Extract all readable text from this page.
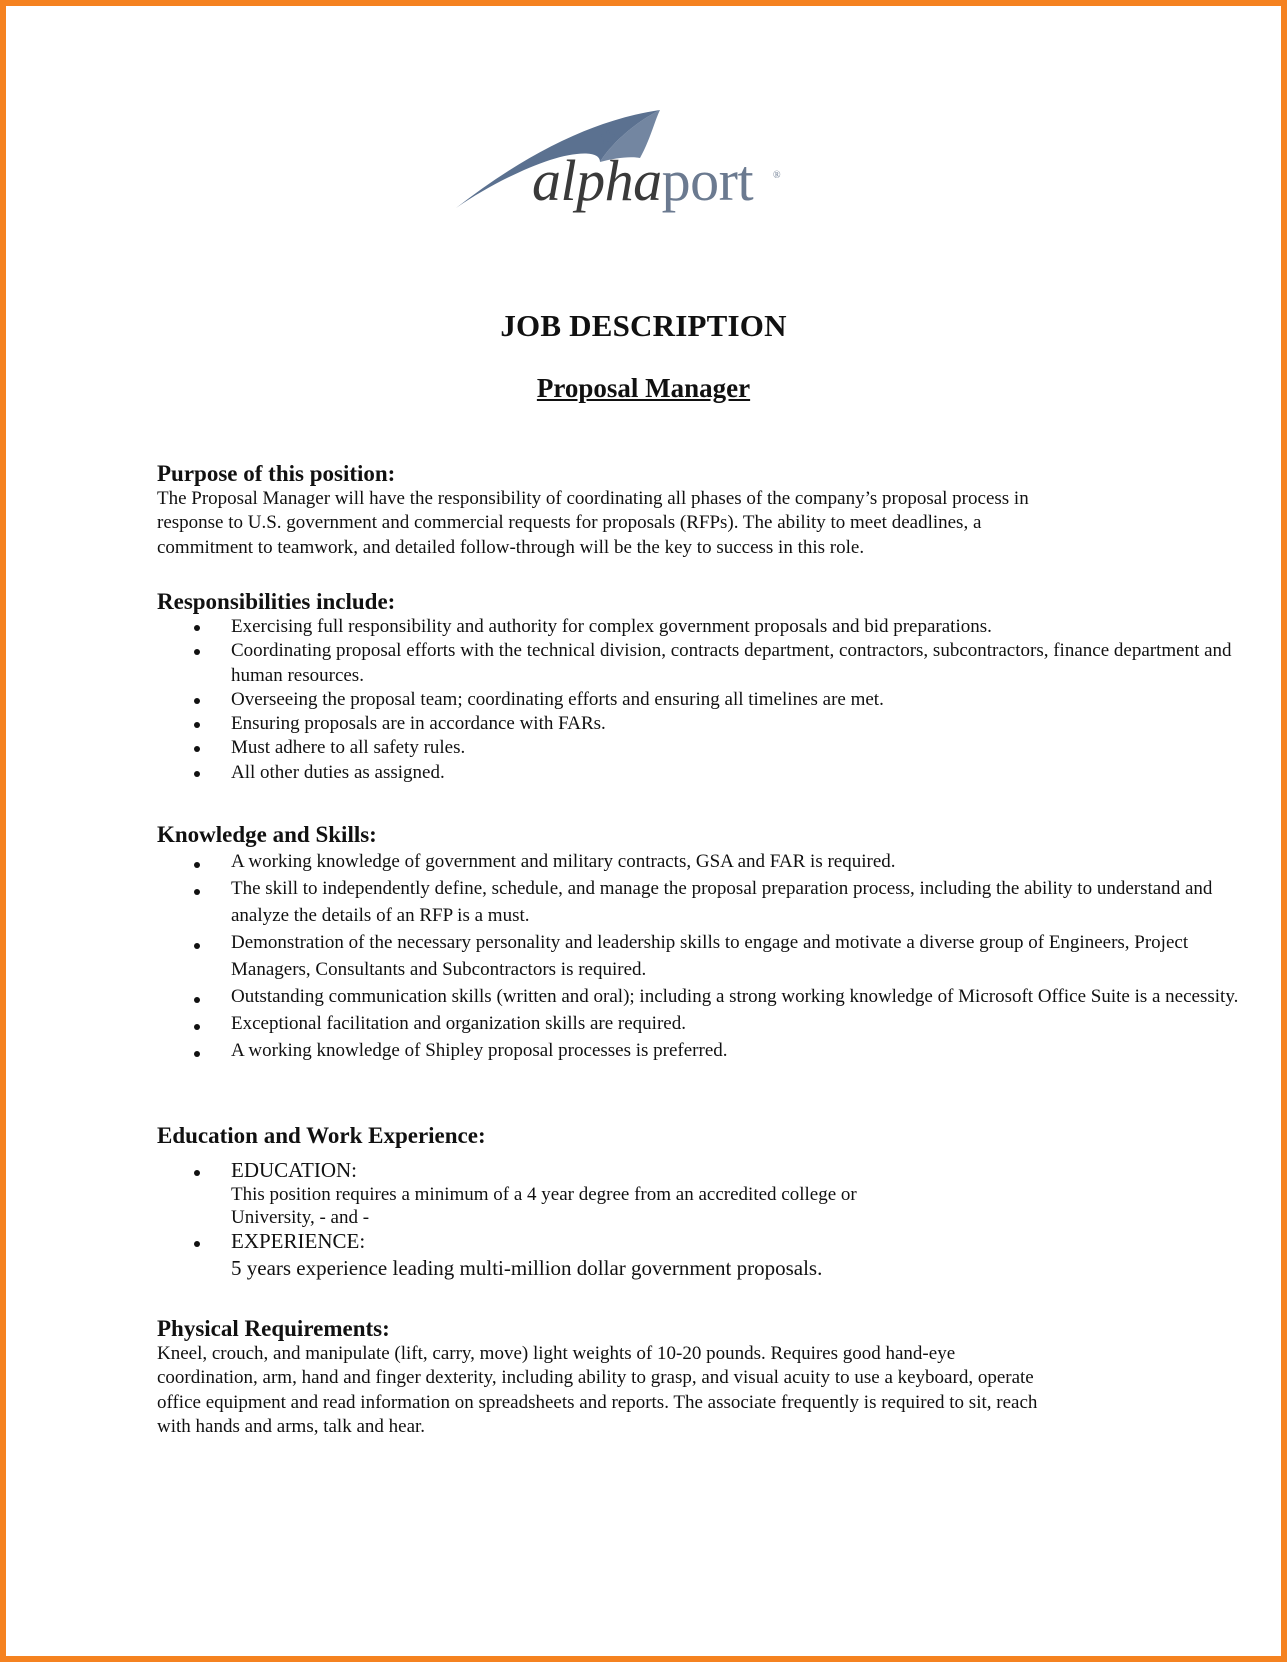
alphaport ®
JOB DESCRIPTION
Proposal Manager
Purpose of this position:

The Proposal Manager will have the responsibility of coordinating all phases of the company’s proposal process in

response to U.S. government and commercial requests for proposals (RFPs). The ability to meet deadlines, a

commitment to teamwork, and detailed follow-through will be the key to success in this role.

Responsibilities include:
Exercising full responsibility and authority for complex government proposals and bid preparations.
Coordinating proposal efforts with the technical division, contracts department, contractors, subcontractors, finance department and human resources.
Overseeing the proposal team; coordinating efforts and ensuring all timelines are met.
Ensuring proposals are in accordance with FARs.
Must adhere to all safety rules.
All other duties as assigned.
Knowledge and Skills:
A working knowledge of government and military contracts, GSA and FAR is required.
The skill to independently define, schedule, and manage the proposal preparation process, including the ability to understand and analyze the details of an RFP is a must.
Demonstration of the necessary personality and leadership skills to engage and motivate a diverse group of Engineers, Project Managers, Consultants and Subcontractors is required.
Outstanding communication skills (written and oral); including a strong working knowledge of Microsoft Office Suite is a necessity.
Exceptional facilitation and organization skills are required.
A working knowledge of Shipley proposal processes is preferred.
Education and Work Experience:
EDUCATION:
This position requires a minimum of a 4 year degree from an accredited college or
University, - and -
EXPERIENCE:
5 years experience leading multi-million dollar government proposals.
Physical Requirements:

Kneel, crouch, and manipulate (lift, carry, move) light weights of 10-20 pounds. Requires good hand-eye

coordination, arm, hand and finger dexterity, including ability to grasp, and visual acuity to use a keyboard, operate

office equipment and read information on spreadsheets and reports. The associate frequently is required to sit, reach

with hands and arms, talk and hear.
